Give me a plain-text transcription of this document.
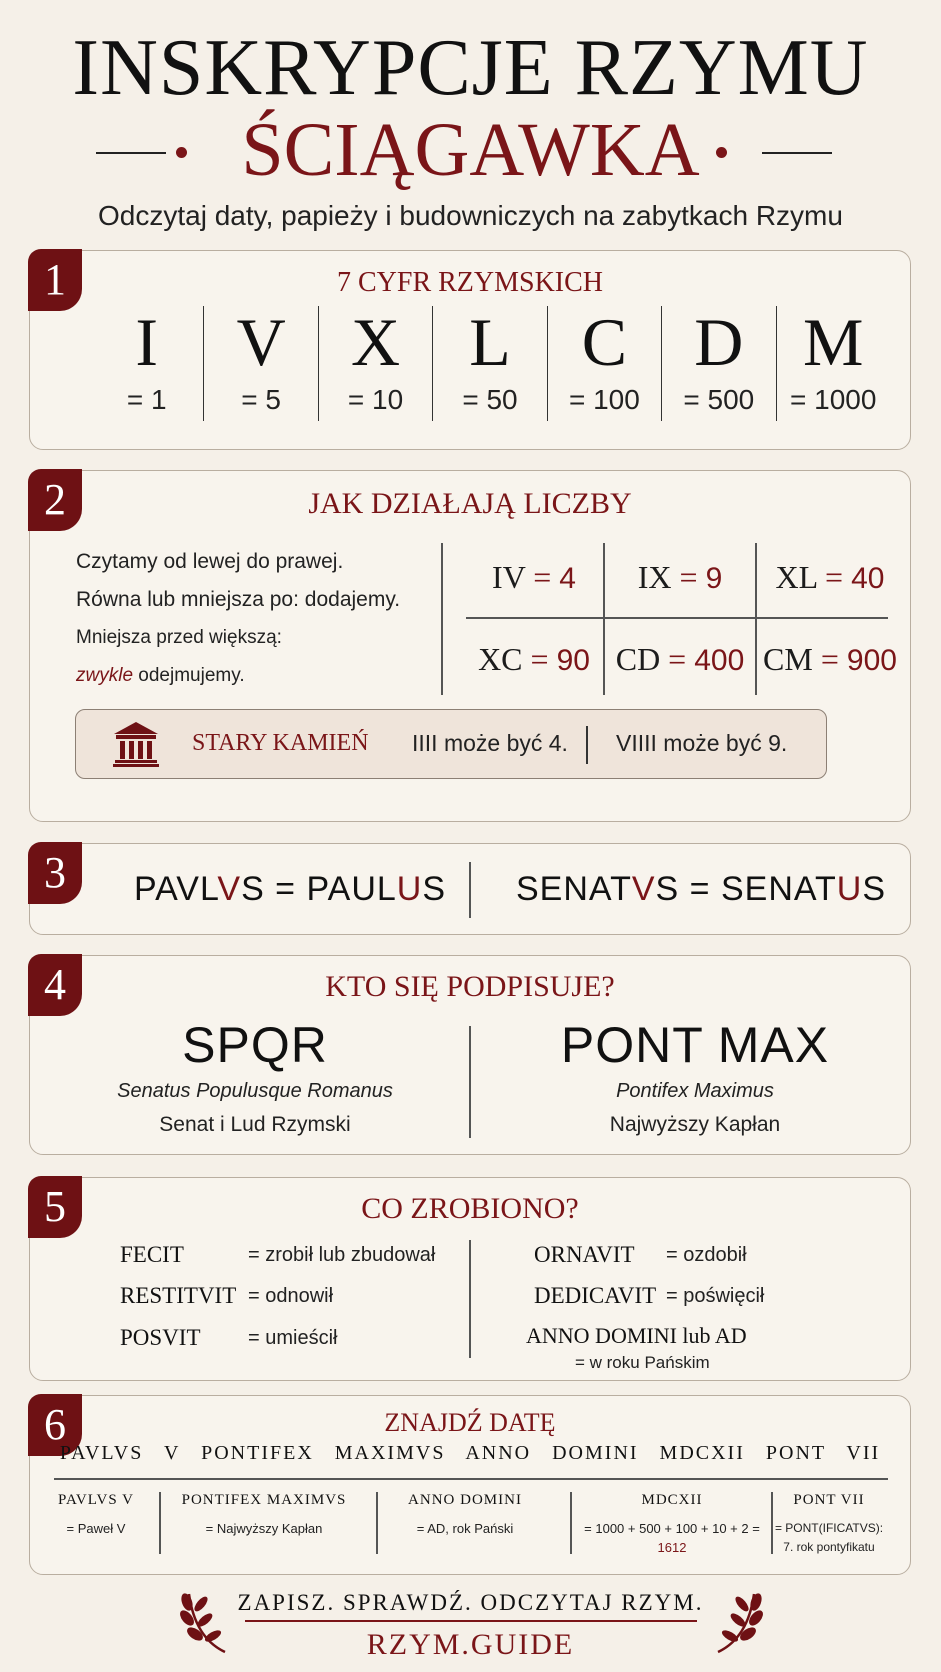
INSKRYPCJE RZYMU
ŚCIĄGAWKA
Odczytaj daty, papieży i budowniczych na zabytkach Rzymu
1	7 CYFR RZYMSKICH
I
= 1
V
= 5
X
= 10
L
= 50
C
= 100
D
= 500
M
= 1000
2	JAK DZIAŁAJĄ LICZBY
Czytamy od lewej do prawej.
Równa lub mniejsza po: dodajemy.
Mniejsza przed większą:
zwykle odejmujemy.
IV = 4	IX = 9	XL = 40
XC = 90 CD = 400 CM = 900
STARY KAMIEŃ IIII może być 4. VIIII może być 9.
3	PAVLVS = PAULUS SENATVS = SENATUS
4	KTO SIĘ PODPISUJE?
SPQR
Senatus Populusque Romanus
Senat i Lud Rzymski
PONT MAX
Pontifex Maximus
Najwyższy Kapłan
5	CO ZROBIONO?
FECIT	= zrobił lub zbudował
RESTITVIT = odnowił
POSVIT = umieścił
ORNAVIT = ozdobił
DEDICAVIT = poświęcił
ANNO DOMINI lub AD
= w roku Pańskim
6	ZNAJDŹ DATĘ
PAVLVS V PONTIFEX MAXIMVS ANNO DOMINI MDCXII PONT VII
PAVLVS V
= Paweł V
PONTIFEX MAXIMVS
= Najwyższy Kapłan
ANNO DOMINI
= AD, rok Pański
MDCXII
= 1000 + 500 + 100 + 10 + 2 = 1612
PONT VII
= PONT(IFICATVS):
7. rok pontyfikatu
ZAPISZ. SPRAWDŹ. ODCZYTAJ RZYM.
RZYM.GUIDE
